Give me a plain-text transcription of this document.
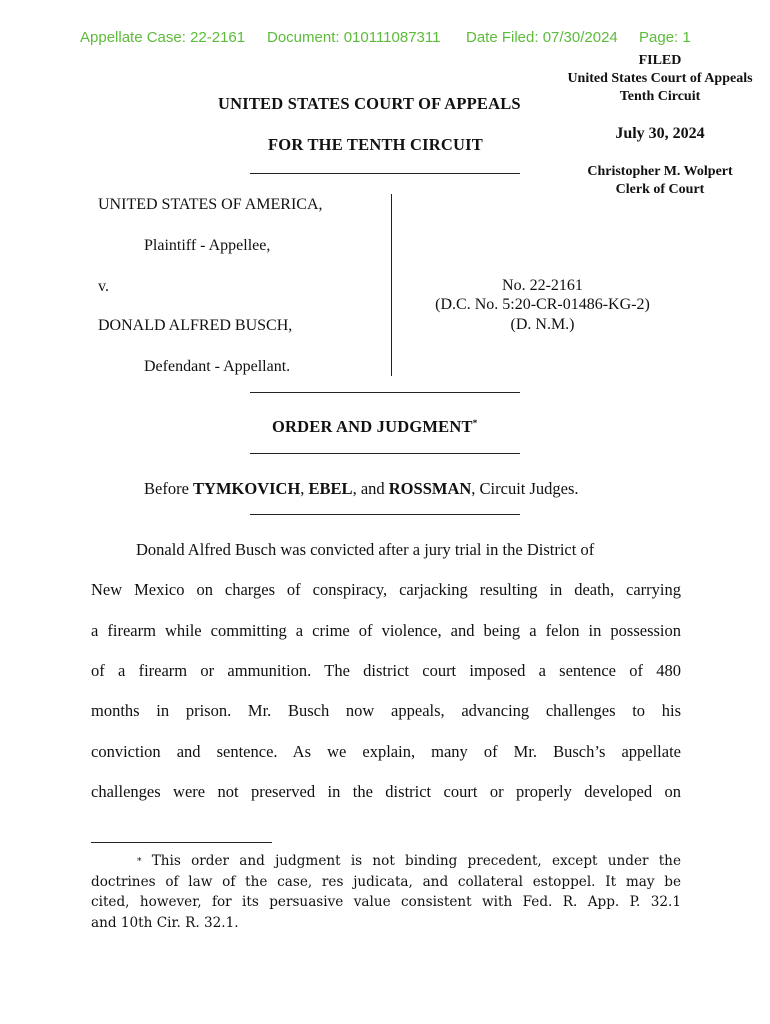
Appellate Case: 22-2161 Document: 010111087311 Date Filed: 07/30/2024 Page: 1
FILED
United States Court of Appeals
Tenth Circuit
July 30, 2024
Christopher M. Wolpert
Clerk of Court
UNITED STATES COURT OF APPEALS
FOR THE TENTH CIRCUIT
UNITED STATES OF AMERICA,
Plaintiff - Appellee,
v.
DONALD ALFRED BUSCH,
Defendant - Appellant.
No. 22-2161
(D.C. No. 5:20-CR-01486-KG-2)
(D. N.M.)
ORDER AND JUDGMENT*
Before TYMKOVICH, EBEL, and ROSSMAN, Circuit Judges.
Donald Alfred Busch was convicted after a jury trial in the District of
New Mexico on charges of conspiracy, carjacking resulting in death, carrying
a firearm while committing a crime of violence, and being a felon in possession
of a firearm or ammunition. The district court imposed a sentence of 480
months in prison. Mr. Busch now appeals, advancing challenges to his
conviction and sentence. As we explain, many of Mr. Busch’s appellate
challenges were not preserved in the district court or properly developed on
* This order and judgment is not binding precedent, except under the
doctrines of law of the case, res judicata, and collateral estoppel. It may be
cited, however, for its persuasive value consistent with Fed. R. App. P. 32.1
and 10th Cir. R. 32.1.
